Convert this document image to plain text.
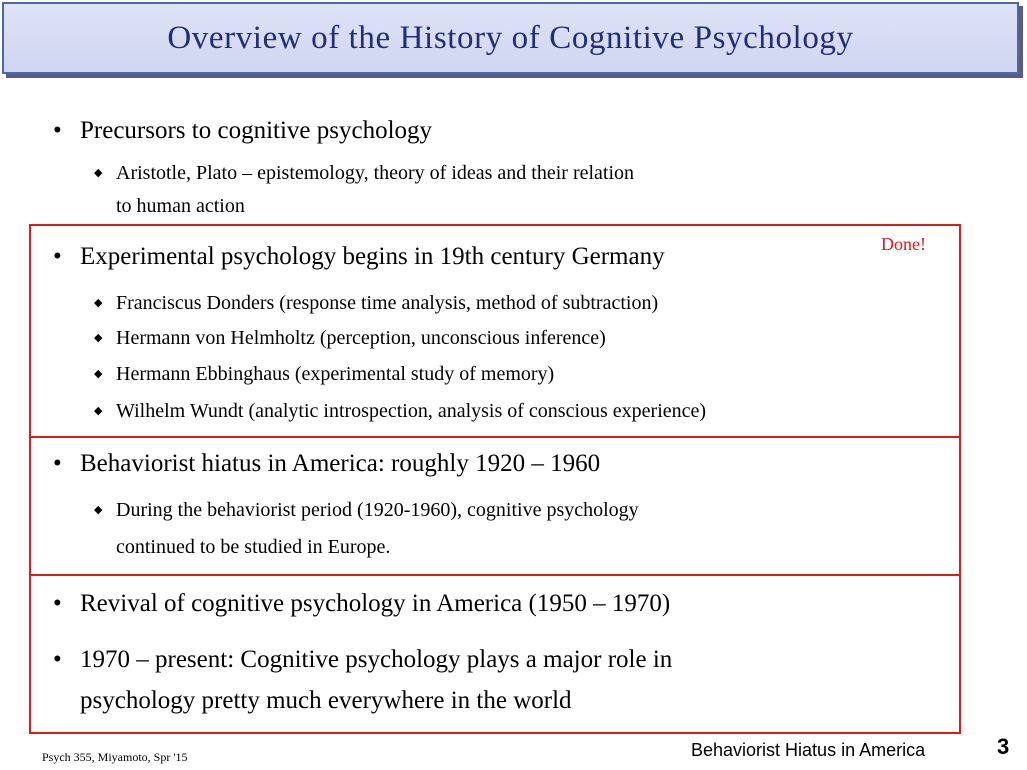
Overview of the History of Cognitive Psychology
• Precursors to cognitive psychology
◆ Aristotle, Plato – epistemology, theory of ideas and their relation
to human action
Done!
• Experimental psychology begins in 19th century Germany
◆ Franciscus Donders (response time analysis, method of subtraction)
◆ Hermann von Helmholtz (perception, unconscious inference)
◆ Hermann Ebbinghaus (experimental study of memory)
◆ Wilhelm Wundt (analytic introspection, analysis of conscious experience)
• Behaviorist hiatus in America: roughly 1920 – 1960
◆ During the behaviorist period (1920-1960), cognitive psychology
continued to be studied in Europe.
• Revival of cognitive psychology in America (1950 – 1970)
• 1970 – present: Cognitive psychology plays a major role in
psychology pretty much everywhere in the world
Psych 355, Miyamoto, Spr '15	Behaviorist Hiatus in America	3
